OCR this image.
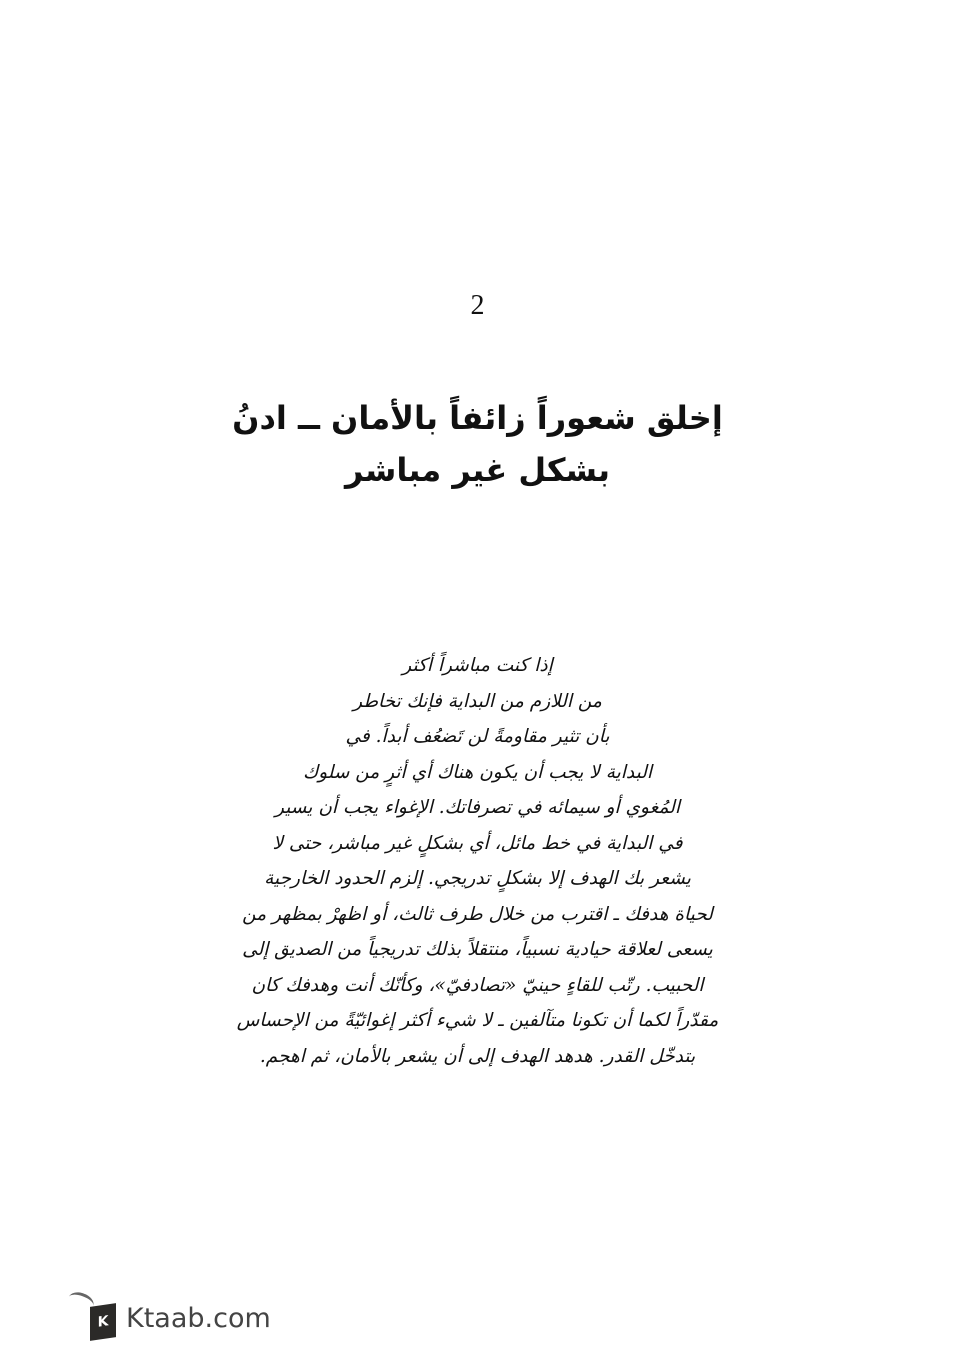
2
إخلق شعوراً زائفاً بالأمان ــ ادنُ
بشكل غير مباشر
إذا كنت مباشراً أكثر
من اللازم من البداية فإنك تخاطر
بأن تثير مقاومةً لن تَضعُف أبداً. في
البداية لا يجب أن يكون هناك أي أثرٍ من سلوك
المُغوي أو سيمائه في تصرفاتك. الإغواء يجب أن يسير
في البداية في خط مائل، أي بشكلٍ غير مباشر، حتى لا
يشعر بك الهدف إلا بشكلٍ تدريجي. إلزم الحدود الخارجية
لحياة هدفك ـ اقترب من خلال طرف ثالث، أو اظهرْ بمظهر من
يسعى لعلاقة حيادية نسبياً، منتقلاً بذلك تدريجياً من الصديق إلى
الحبيب. رتّب للقاءٍ حينيّ «تصادفيّ»، وكأنّك أنت وهدفك كان
مقدّراً لكما أن تكونا متآلفين ـ لا شيء أكثر إغوائيّةً من الإحساس
بتدخّل القدر. هدهد الهدف إلى أن يشعر بالأمان، ثم اهجم.
K Ktaab.com
